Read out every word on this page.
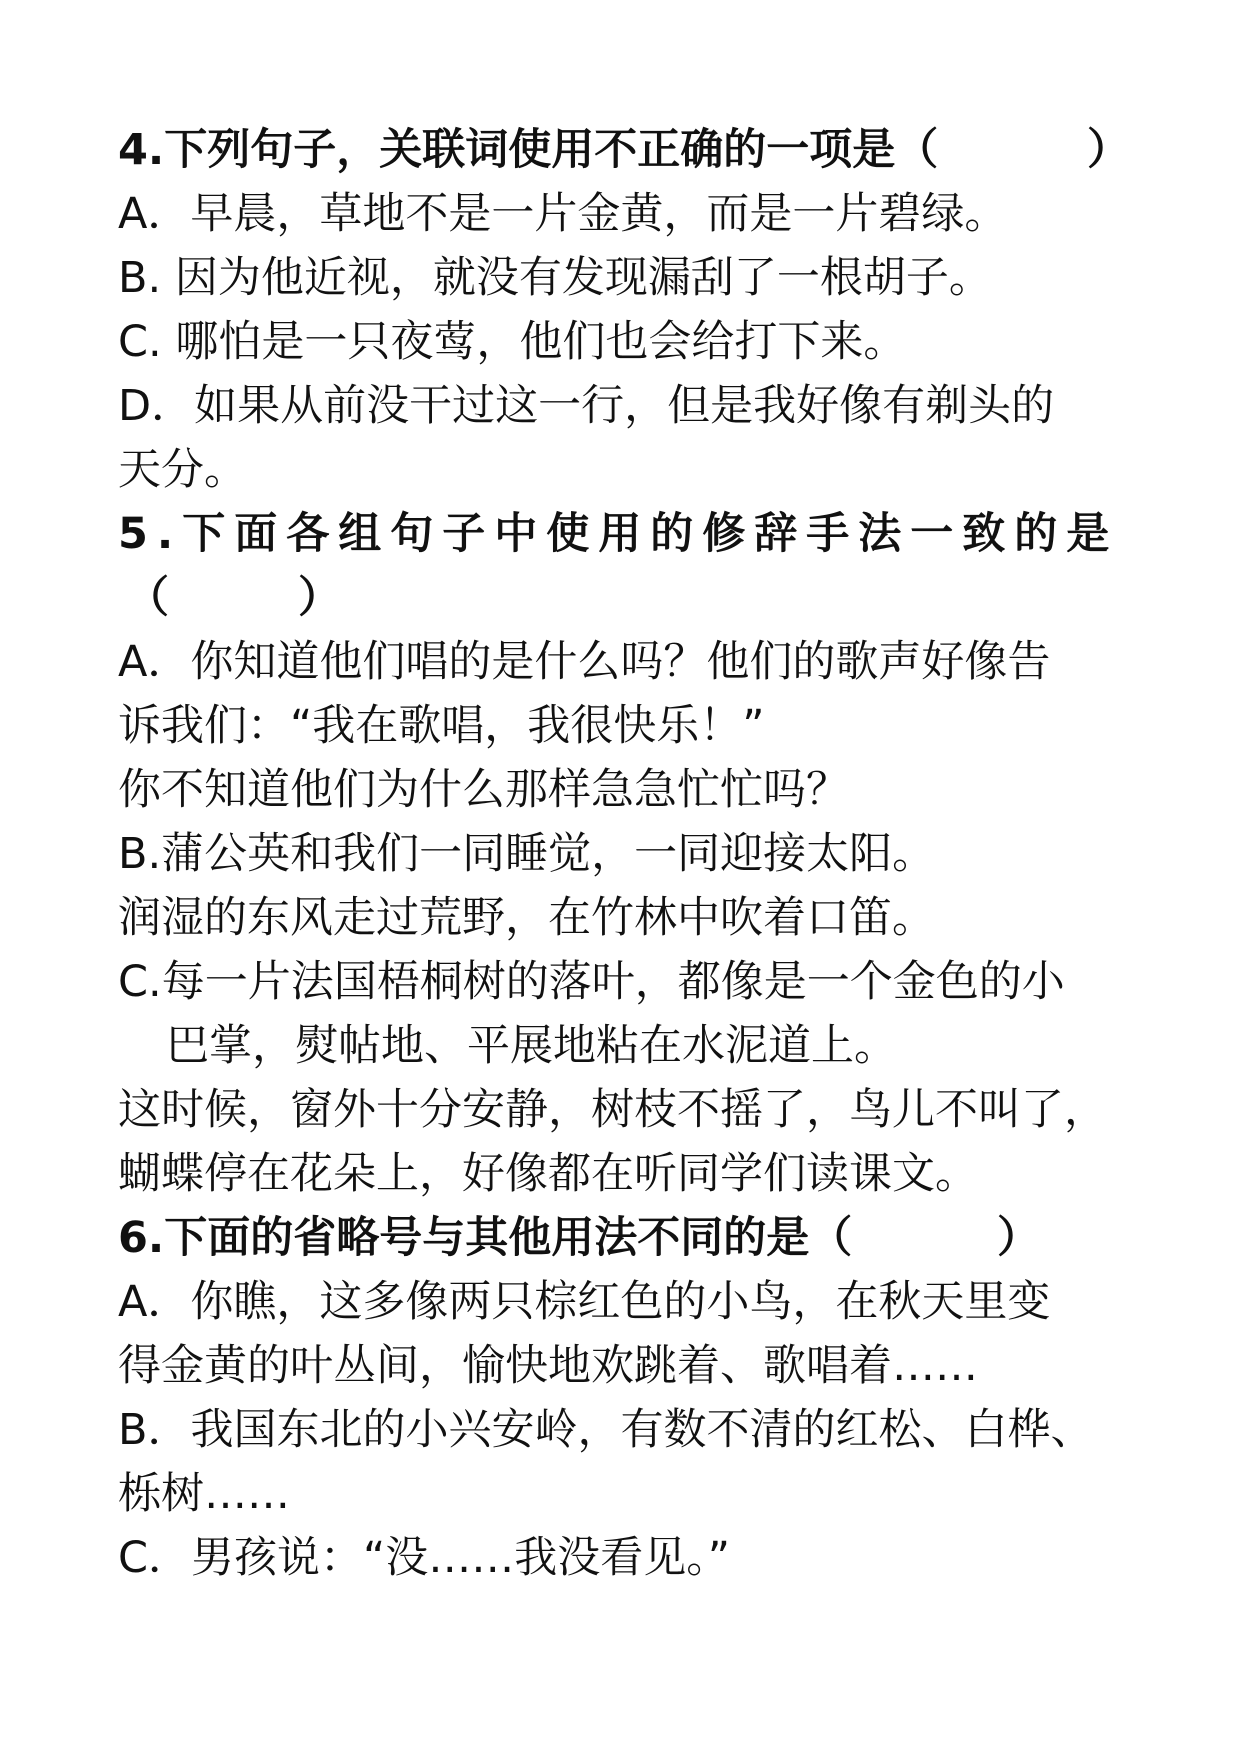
4.下列句子，关联词使用不正确的一项是（	）
A．早晨，草地不是一片金黄，而是一片碧绿。
B. 因为他近视，就没有发现漏刮了一根胡子。
C. 哪怕是一只夜莺，他们也会给打下来。
D．如果从前没干过这一行，但是我好像有剃头的
天分。
5.下面各组句子中使用的修辞手法一致的是
（　　　）
A．你知道他们唱的是什么吗？他们的歌声好像告
诉我们：“我在歌唱，我很快乐！”
你不知道他们为什么那样急急忙忙吗？
B.蒲公英和我们一同睡觉，一同迎接太阳。
润湿的东风走过荒野，在竹林中吹着口笛。
C.每一片法国梧桐树的落叶，都像是一个金色的小
巴掌，熨帖地、平展地粘在水泥道上。
这时候，窗外十分安静，树枝不摇了，鸟儿不叫了，
蝴蝶停在花朵上，好像都在听同学们读课文。
6.下面的省略号与其他用法不同的是（	）
A．你瞧，这多像两只棕红色的小鸟，在秋天里变
得金黄的叶丛间，愉快地欢跳着、歌唱着……
B．我国东北的小兴安岭，有数不清的红松、白桦、
栎树……
C．男孩说：“没……我没看见。”
